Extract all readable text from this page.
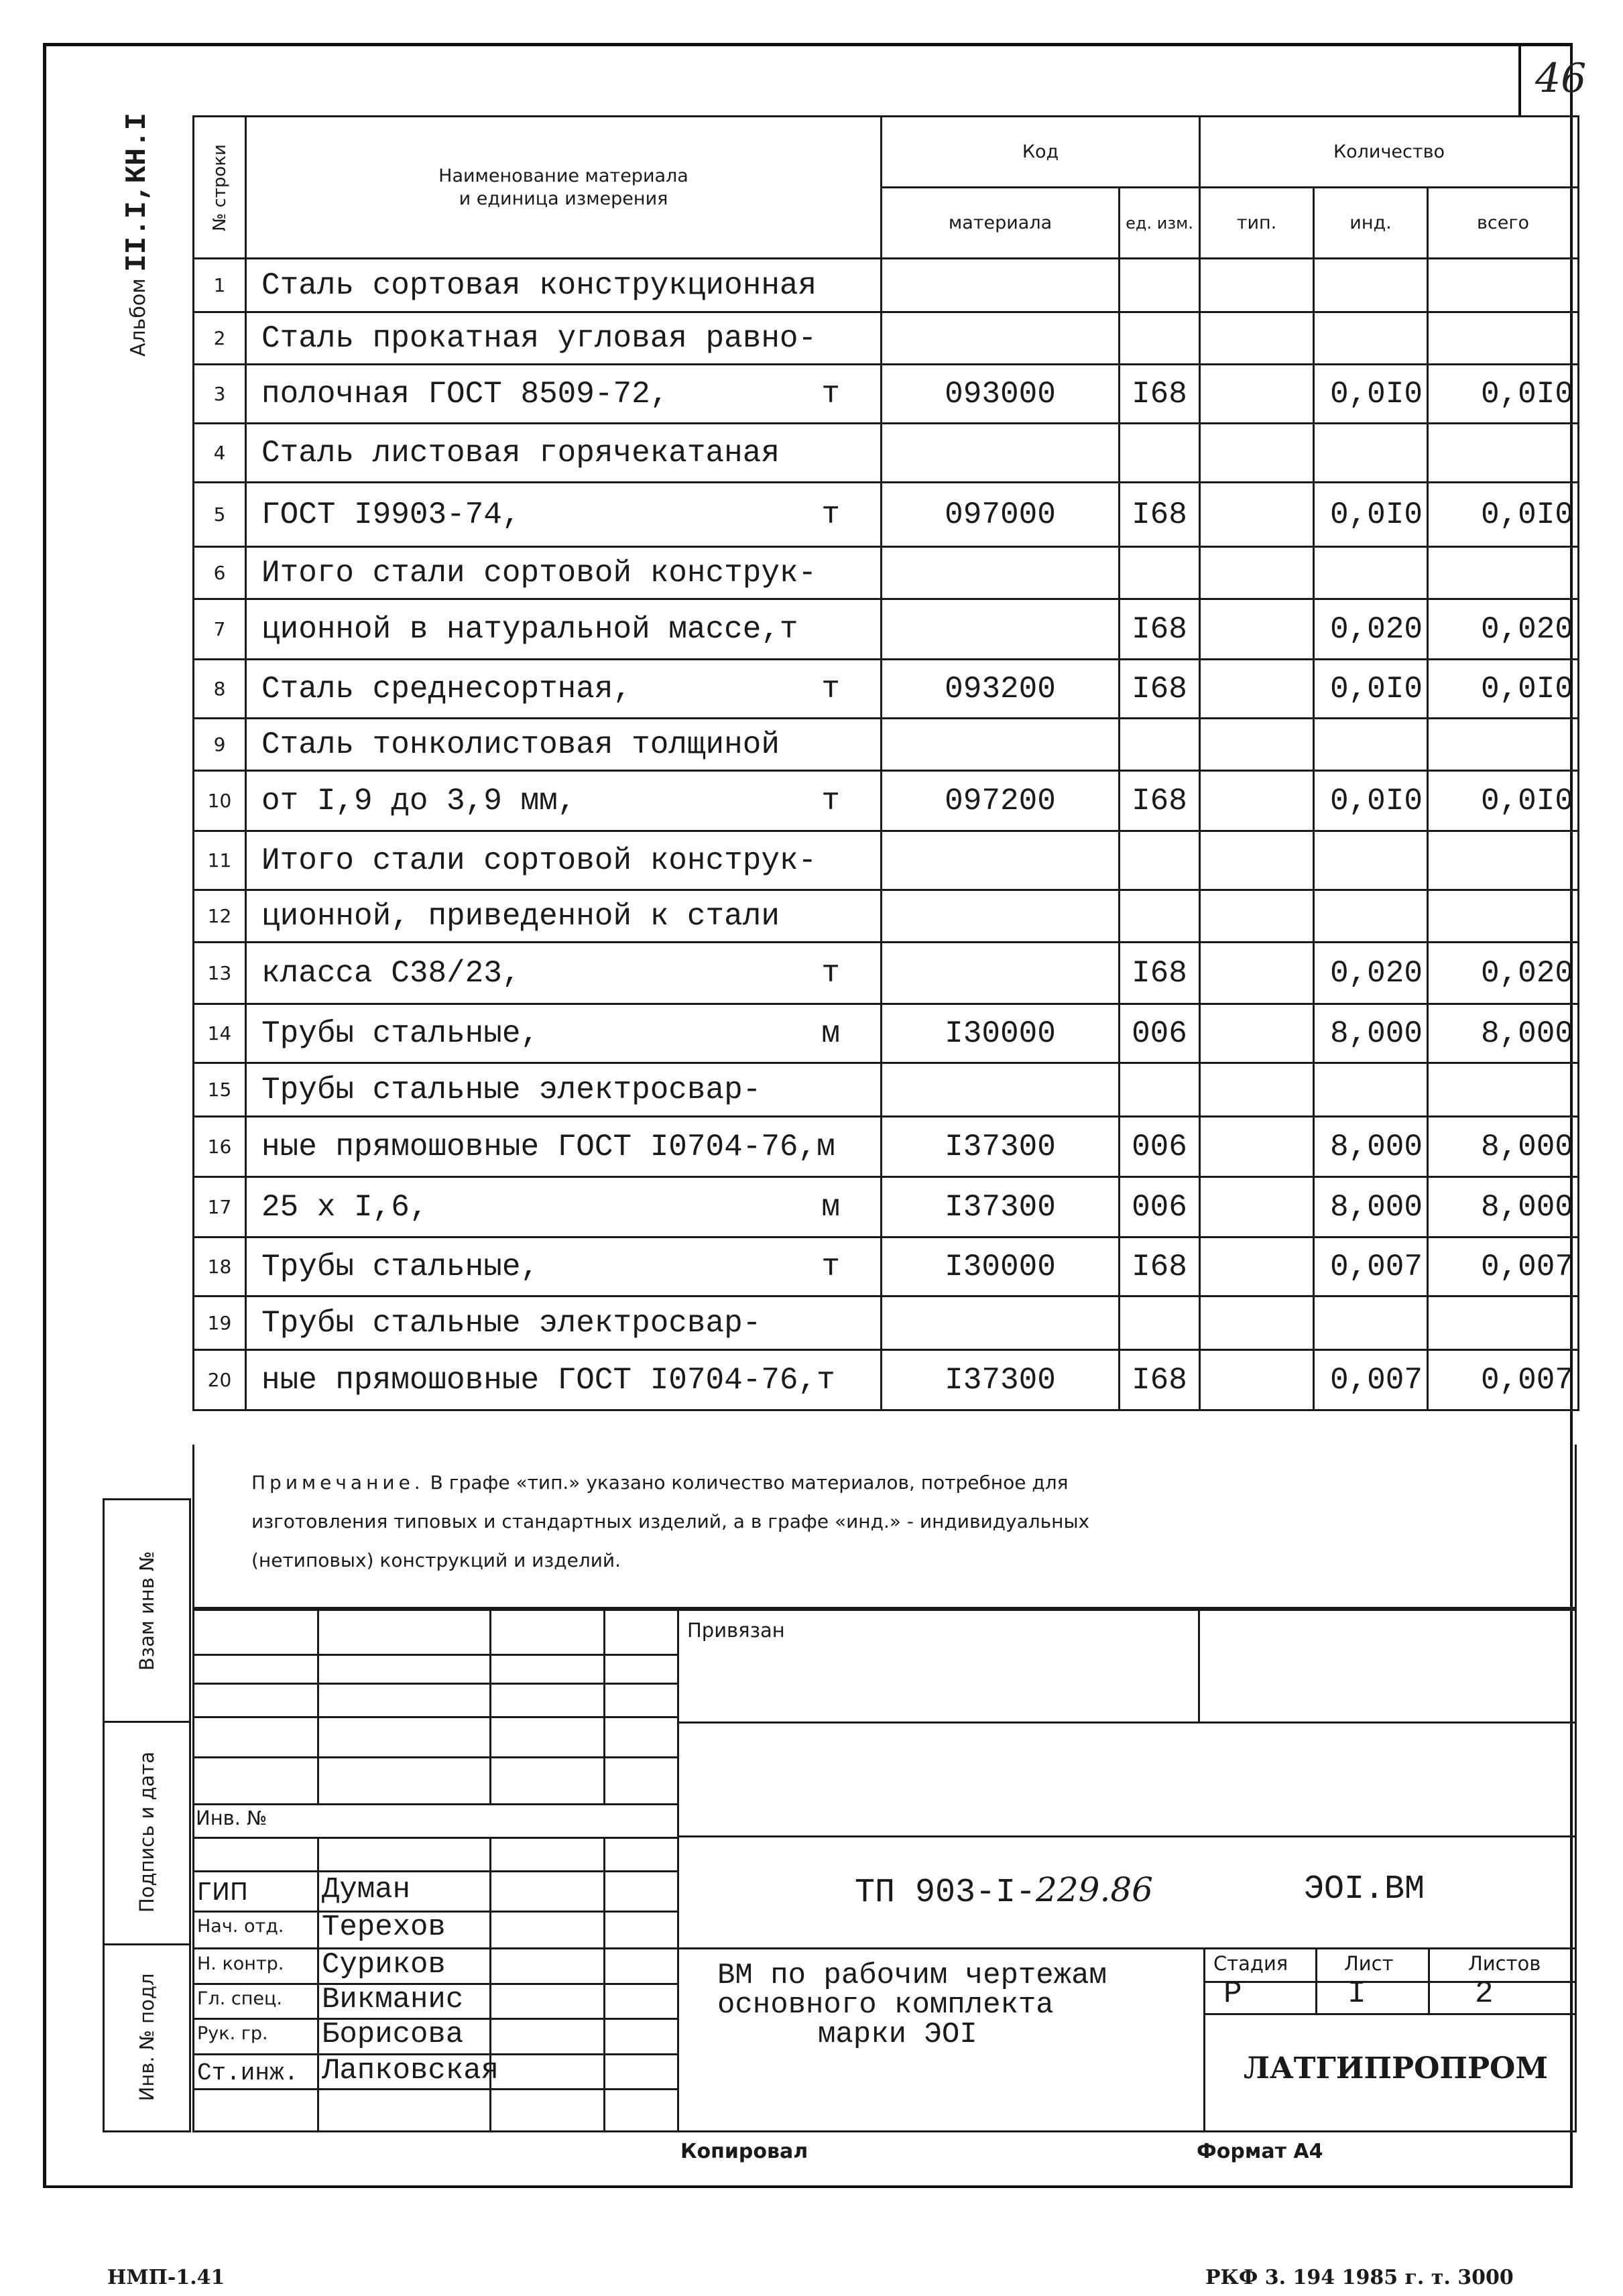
46
Альбом II.I,КН.I	№ строки	Наименование материала
и единица измерения	Код		Количество		
		материала	ед. изм.	тип.	инд.	всего
1	Сталь сортовая конструкционная					

2	Сталь прокатная угловая равно-					

3	полочная ГОСТ 8509-72, т	093000	I68		0,0I0	0,0I0
4	Сталь листовая горячекатаная					

5	ГОСТ I9903-74, т	097000	I68		0,0I0	0,0I0
6	Итого стали сортовой конструк-					

7	ционной в натуральной массе,т		I68		0,020	0,020
8	Сталь среднесортная, т	093200	I68		0,0I0	0,0I0
9	Сталь тонколистовая толщиной					

10	от I,9 до 3,9 мм, т	097200	I68		0,0I0	0,0I0
11	Итого стали сортовой конструк-					

12	ционной, приведенной к стали					

13	класса С38/23, т		I68		0,020	0,020
14	Трубы стальные, м	I30000	006		8,000	8,000
15	Трубы стальные электросвар-					

16	ные прямошовные ГОСТ I0704-76,м	I37300	006		8,000	8,000
17	25 x I,6, м	I37300	006		8,000	8,000
18	Трубы стальные, т	I30000	I68		0,007	0,007
19	Трубы стальные электросвар-					

20	ные прямошовные ГОСТ I0704-76,т	I37300	I68		0,007	0,007
Примечание. В графе «тип.» указано количество материалов, потребное для
изготовления типовых и стандартных изделий, а в графе «инд.» - индивидуальных
(нетиповых) конструкций и изделий.
Взам инв №
Подпись и дата
Инв. № подл
Привязан
Инв. №
ТП 903-I-229.86	ЭОI.ВМ
ГИП	Думан
Нач. отд. Терехов
Н. контр. Суриков
Гл. спец. Викманис
Рук. гр. Борисова
Ст.инж. Лапковская
ВМ по рабочим чертежам
основного комплекта
марки ЭОI
Стадия	Лист	Листов
Р	I	2
ЛАТГИПРОПРОМ
Копировал	Формат А4
НМП-1.41	РКФ 3. 194 1985 г. т. 3000
